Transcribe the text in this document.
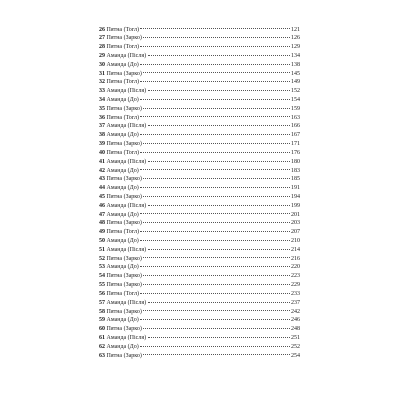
26 Пятна (Тогл)	121
27 Пятна (Зарко)	126
28 Пятна (Тогл)	129
29 Аманда (Після)	134
30 Аманда (До)	138
31 Пятна (Зарко)	145
32 Пятна (Тогл)	149
33 Аманда (Після)	152
34 Аманда (До)	154
35 Пятна (Зарко)	159
36 Пятна (Тогл)	163
37 Аманда (Після)	166
38 Аманда (До)	167
39 Пятна (Зарко)	171
40 Пятна (Тогл)	176
41 Аманда (Після)	180
42 Аманда (До)	183
43 Пятна (Зарко)	185
44 Аманда (До)	191
45 Пятна (Зарко)	194
46 Аманда (Після)	199
47 Аманда (До)	201
48 Пятна (Зарко)	203
49 Пятна (Тогл)	207
50 Аманда (До)	210
51 Аманда (Після)	214
52 Пятна (Зарко)	216
53 Аманда (До)	220
54 Пятна (Зарко)	223
55 Пятна (Зарко)	229
56 Пятна (Тогл)	233
57 Аманда (Після)	237
58 Пятна (Зарко)	242
59 Аманда (До)	246
60 Пятна (Зарко)	248
61 Аманда (Після)	251
62 Аманда (До)	252
63 Пятна (Зарко)	254
